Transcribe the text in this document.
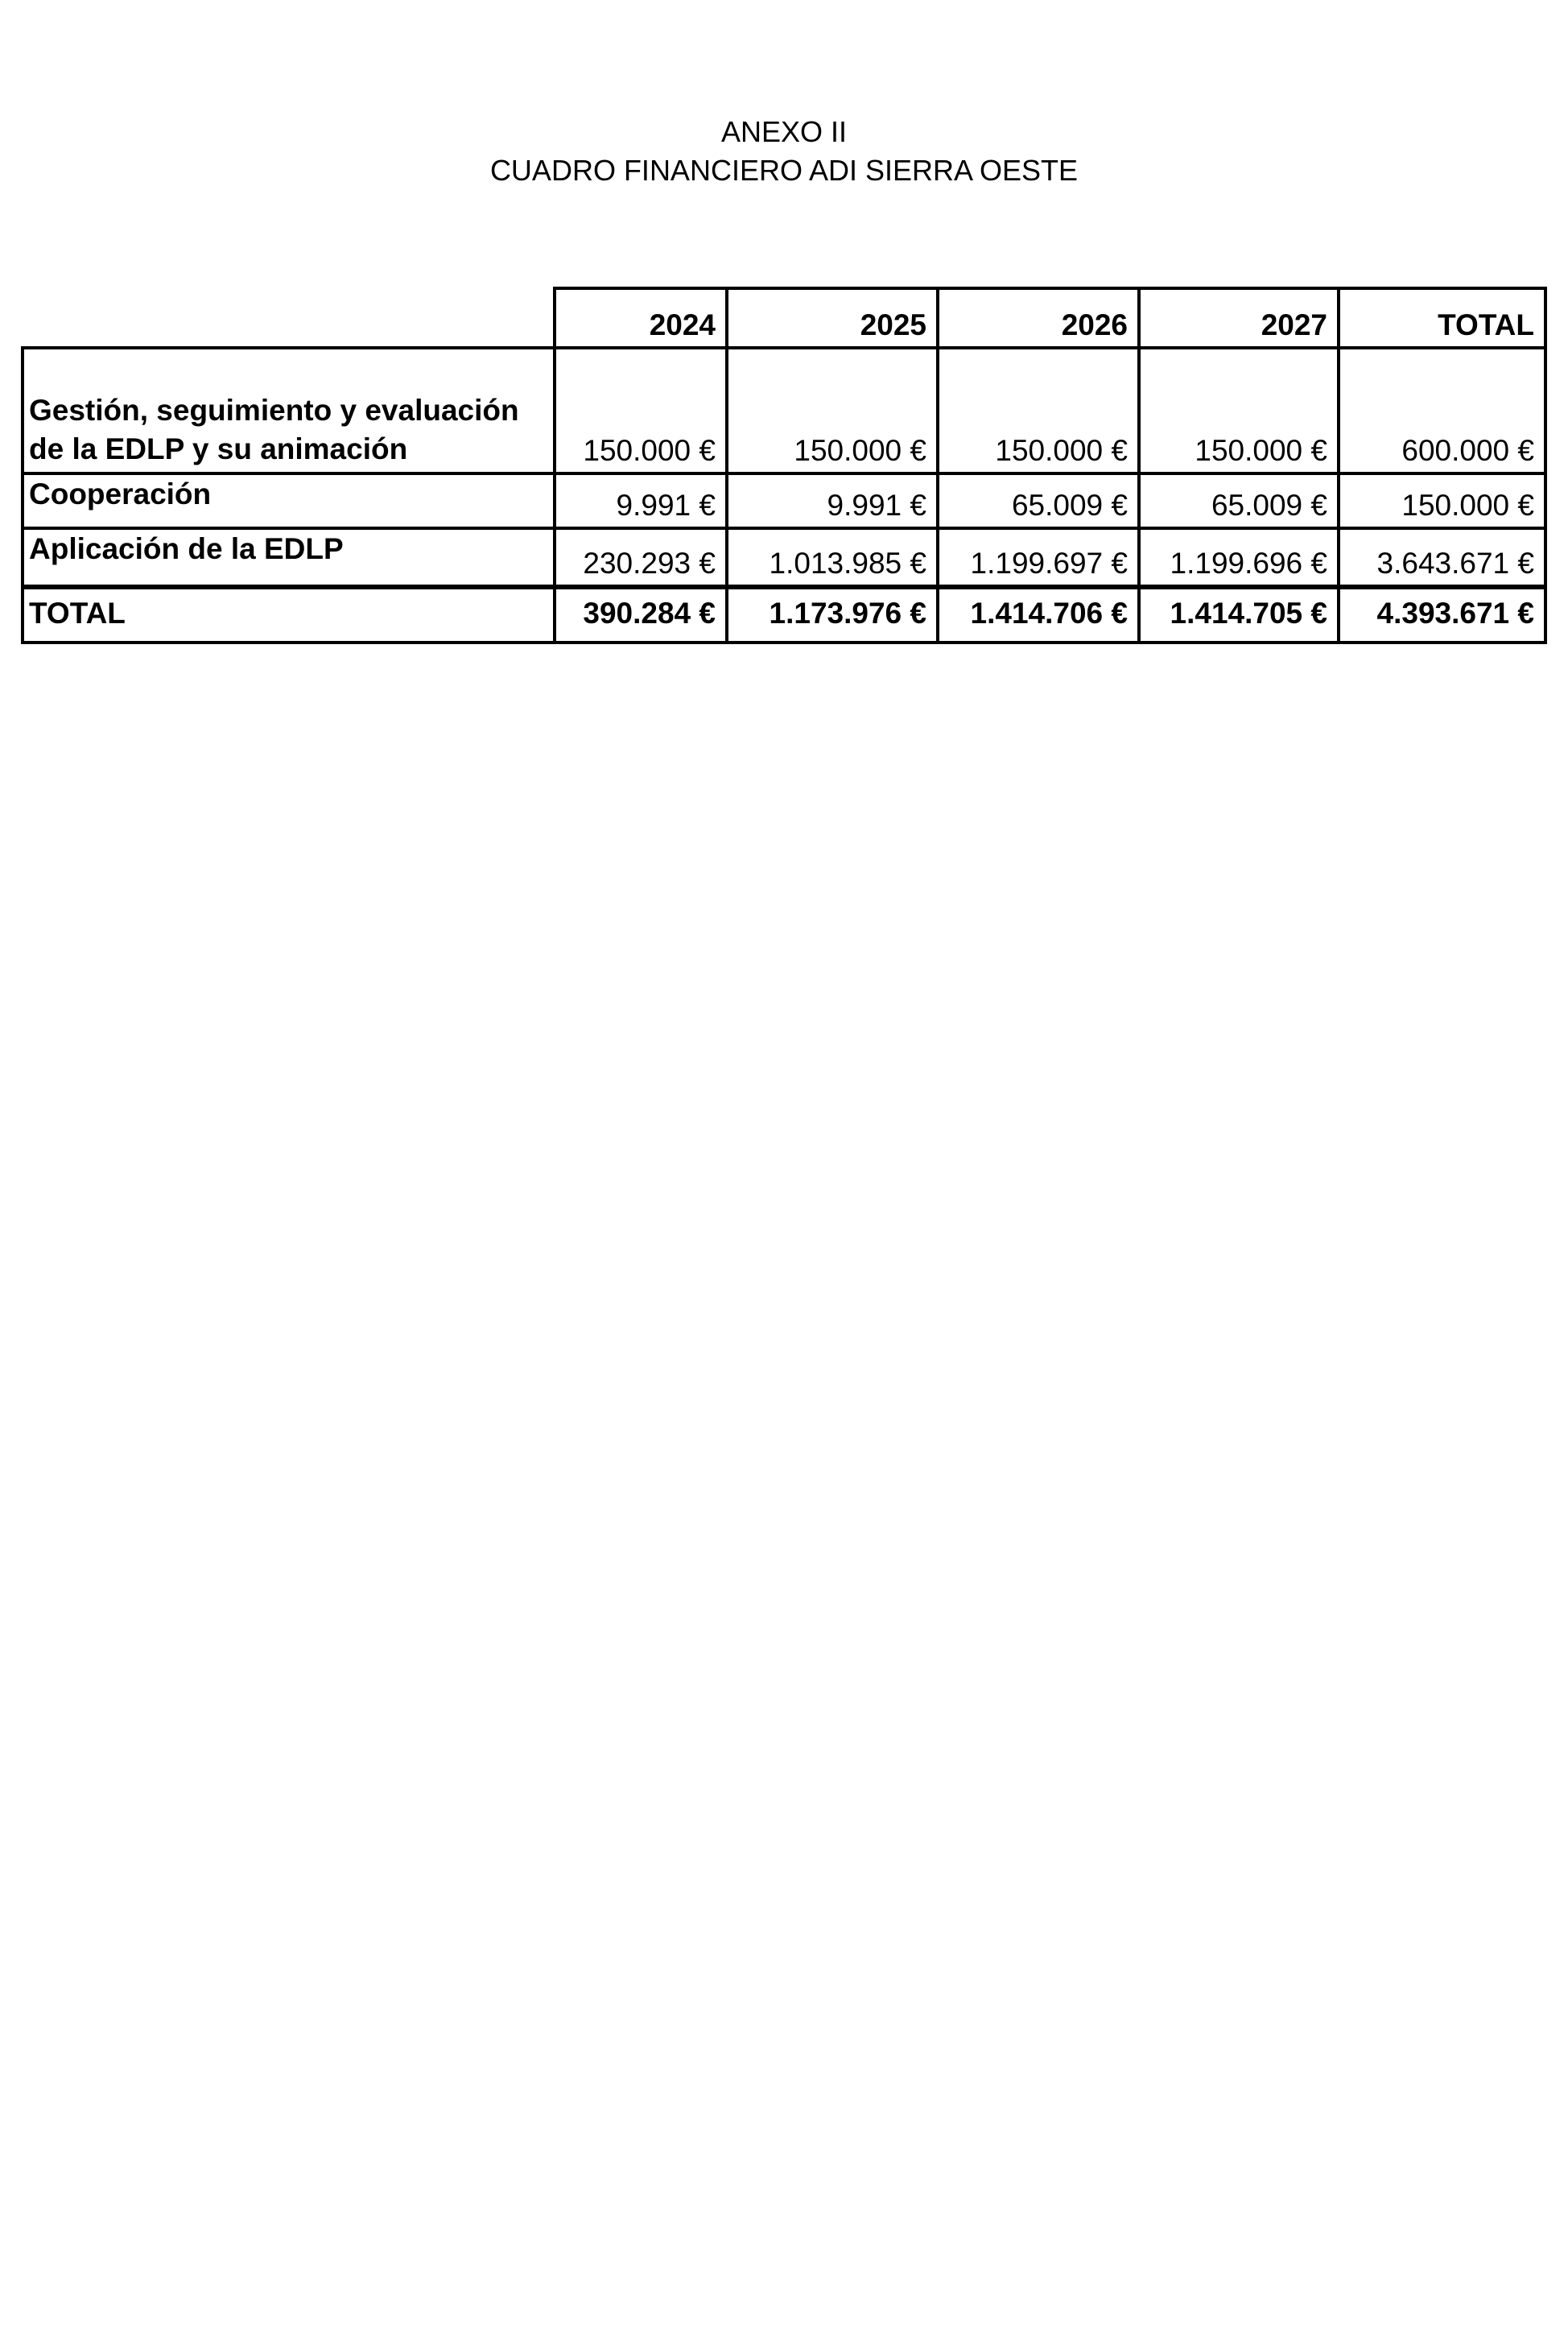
ANEXO II
CUADRO FINANCIERO ADI SIERRA OESTE
	2024	2025	2026	2027	TOTAL
Gestión, seguimiento y evaluación de la EDLP y su animación	150.000 €	150.000 €	150.000 €	150.000 €	600.000 €
Cooperación	9.991 €	9.991 €	65.009 €	65.009 €	150.000 €
Aplicación de la EDLP	230.293 €	1.013.985 €	1.199.697 €	1.199.696 €	3.643.671 €
TOTAL	390.284 €	1.173.976 €	1.414.706 €	1.414.705 €	4.393.671 €
